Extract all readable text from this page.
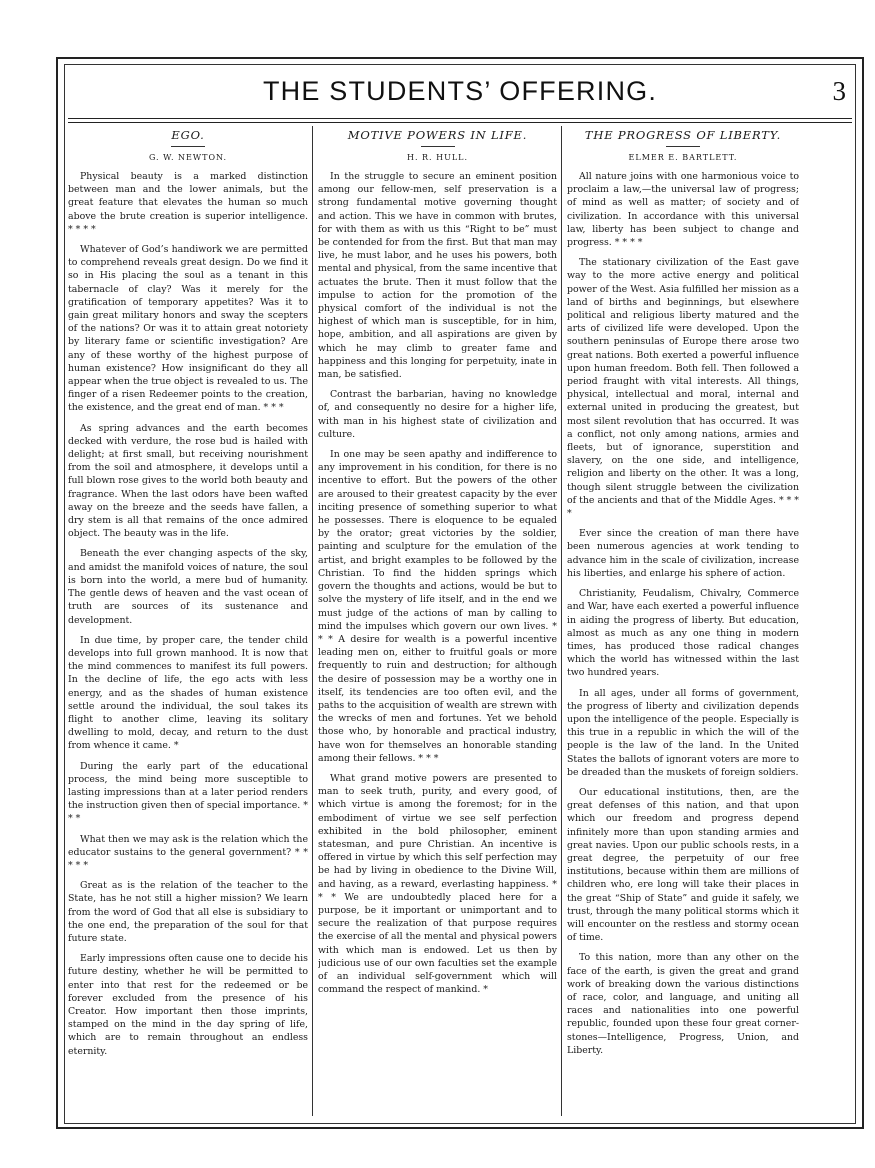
THE STUDENTS’ OFFERING.	3
EGO.
G. W. NEWTON.

Physical beauty is a marked distinction between man and the lower animals, but the great feature that elevates the human so much above the brute creation is superior intelligence. * * * *

Whatever of God’s handiwork we are permitted to comprehend reveals great design. Do we find it so in His placing the soul as a tenant in this tabernacle of clay? Was it merely for the gratification of temporary appetites? Was it to gain great military honors and sway the scepters of the nations? Or was it to attain great notoriety by literary fame or scientific investigation? Are any of these worthy of the highest purpose of human existence? How insignificant do they all appear when the true object is revealed to us. The finger of a risen Redeemer points to the creation, the existence, and the great end of man. * * *

As spring advances and the earth becomes decked with verdure, the rose bud is hailed with delight; at first small, but receiving nourishment from the soil and atmosphere, it develops until a full blown rose gives to the world both beauty and fragrance. When the last odors have been wafted away on the breeze and the seeds have fallen, a dry stem is all that remains of the once admired object. The beauty was in the life.

Beneath the ever changing aspects of the sky, and amidst the manifold voices of nature, the soul is born into the world, a mere bud of humanity. The gentle dews of heaven and the vast ocean of truth are sources of its sustenance and development.

In due time, by proper care, the tender child develops into full grown manhood. It is now that the mind commences to manifest its full powers. In the decline of life, the ego acts with less energy, and as the shades of human existence settle around the individual, the soul takes its flight to another clime, leaving its solitary dwelling to mold, decay, and return to the dust from whence it came. *

During the early part of the educational process, the mind being more susceptible to lasting impressions than at a later period renders the instruction given then of special importance. * * *

What then we may ask is the relation which the educator sustains to the general government? * * * * *

Great as is the relation of the teacher to the State, has he not still a higher mission? We learn from the word of God that all else is subsidiary to the one end, the preparation of the soul for that future state.

Early impressions often cause one to decide his future destiny, whether he will be permitted to enter into that rest for the redeemed or be forever excluded from the presence of his Creator. How important then those imprints, stamped on the mind in the day spring of life, which are to remain throughout an endless eternity.

MOTIVE POWERS IN LIFE.
H. R. HULL.

In the struggle to secure an eminent position among our fellow-men, self preservation is a strong fundamental motive governing thought and action. This we have in common with brutes, for with them as with us this “Right to be” must be contended for from the first. But that man may live, he must labor, and he uses his powers, both mental and physical, from the same incentive that actuates the brute. Then it must follow that the impulse to action for the promotion of the physical comfort of the individual is not the highest of which man is susceptible, for in him, hope, ambition, and all aspirations are given by which he may climb to greater fame and happiness and this longing for perpetuity, inate in man, be satisfied.

Contrast the barbarian, having no knowledge of, and consequently no desire for a higher life, with man in his highest state of civilization and culture.

In one may be seen apathy and indifference to any improvement in his condition, for there is no incentive to effort. But the powers of the other are aroused to their greatest capacity by the ever inciting presence of something superior to what he possesses. There is eloquence to be equaled by the orator; great victories by the soldier, painting and sculpture for the emulation of the artist, and bright examples to be followed by the Christian. To find the hidden springs which govern the thoughts and actions, would be but to solve the mystery of life itself, and in the end we must judge of the actions of man by calling to mind the impulses which govern our own lives. * * * A desire for wealth is a powerful incentive leading men on, either to fruitful goals or more frequently to ruin and destruction; for although the desire of possession may be a worthy one in itself, its tendencies are too often evil, and the paths to the acquisition of wealth are strewn with the wrecks of men and fortunes. Yet we behold those who, by honorable and practical industry, have won for themselves an honorable standing among their fellows. * * *

What grand motive powers are presented to man to seek truth, purity, and every good, of which virtue is among the foremost; for in the embodiment of virtue we see self perfection exhibited in the bold philosopher, eminent statesman, and pure Christian. An incentive is offered in virtue by which this self perfection may be had by living in obedience to the Divine Will, and having, as a reward, everlasting happiness. * * * We are undoubtedly placed here for a purpose, be it important or unimportant and to secure the realization of that purpose requires the exercise of all the mental and physical powers with which man is endowed. Let us then by judicious use of our own faculties set the example of an individual self-government which will command the respect of mankind. *

THE PROGRESS OF LIBERTY.
ELMER E. BARTLETT.

All nature joins with one harmonious voice to proclaim a law,—the universal law of progress; of mind as well as matter; of society and of civilization. In accordance with this universal law, liberty has been subject to change and progress. * * * *

The stationary civilization of the East gave way to the more active energy and political power of the West. Asia fulfilled her mission as a land of births and beginnings, but elsewhere political and religious liberty matured and the arts of civilized life were developed. Upon the southern peninsulas of Europe there arose two great nations. Both exerted a powerful influence upon human freedom. Both fell. Then followed a period fraught with vital interests. All things, physical, intellectual and moral, internal and external united in producing the greatest, but most silent revolution that has occurred. It was a conflict, not only among nations, armies and fleets, but of ignorance, superstition and slavery, on the one side, and intelligence, religion and liberty on the other. It was a long, though silent struggle between the civilization of the ancients and that of the Middle Ages. * * * *

Ever since the creation of man there have been numerous agencies at work tending to advance him in the scale of civilization, increase his liberties, and enlarge his sphere of action.

Christianity, Feudalism, Chivalry, Commerce and War, have each exerted a powerful influence in aiding the progress of liberty. But education, almost as much as any one thing in modern times, has produced those radical changes which the world has witnessed within the last two hundred years.

In all ages, under all forms of government, the progress of liberty and civilization depends upon the intelligence of the people. Especially is this true in a republic in which the will of the people is the law of the land. In the United States the ballots of ignorant voters are more to be dreaded than the muskets of foreign soldiers.

Our educational institutions, then, are the great defenses of this nation, and that upon which our freedom and progress depend infinitely more than upon standing armies and great navies. Upon our public schools rests, in a great degree, the perpetuity of our free institutions, because within them are millions of children who, ere long will take their places in the great “Ship of State” and guide it safely, we trust, through the many political storms which it will encounter on the restless and stormy ocean of time.

To this nation, more than any other on the face of the earth, is given the great and grand work of breaking down the various distinctions of race, color, and language, and uniting all races and nationalities into one powerful republic, founded upon these four great corner-stones—Intelligence, Progress, Union, and Liberty.
